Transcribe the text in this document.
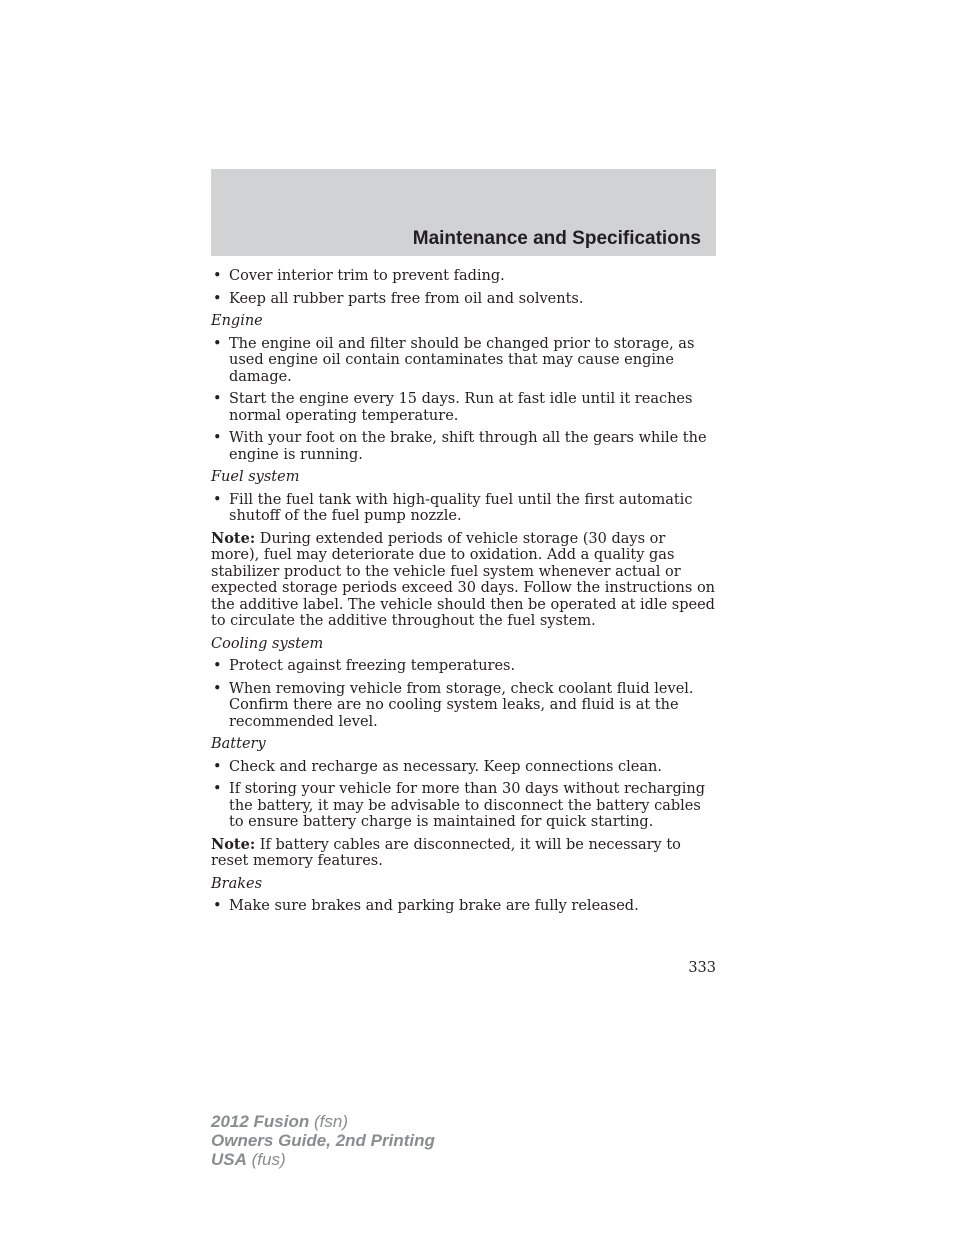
Maintenance and Specifications
• Cover interior trim to prevent fading.
• Keep all rubber parts free from oil and solvents.
Engine
• The engine oil and filter should be changed prior to storage, as used engine oil contain contaminates that may cause engine damage.
• Start the engine every 15 days. Run at fast idle until it reaches normal operating temperature.
• With your foot on the brake, shift through all the gears while the engine is running.
Fuel system
• Fill the fuel tank with high-quality fuel until the first automatic shutoff of the fuel pump nozzle.
Note: During extended periods of vehicle storage (30 days or more), fuel may deteriorate due to oxidation. Add a quality gas stabilizer product to the vehicle fuel system whenever actual or expected storage periods exceed 30 days. Follow the instructions on the additive label. The vehicle should then be operated at idle speed to circulate the additive throughout the fuel system.
Cooling system
• Protect against freezing temperatures.
• When removing vehicle from storage, check coolant fluid level. Confirm there are no cooling system leaks, and fluid is at the recommended level.
Battery
• Check and recharge as necessary. Keep connections clean.
• If storing your vehicle for more than 30 days without recharging the battery, it may be advisable to disconnect the battery cables to ensure battery charge is maintained for quick starting.
Note: If battery cables are disconnected, it will be necessary to reset memory features.
Brakes
• Make sure brakes and parking brake are fully released.
333
2012 Fusion (fsn)
Owners Guide, 2nd Printing
USA (fus)
